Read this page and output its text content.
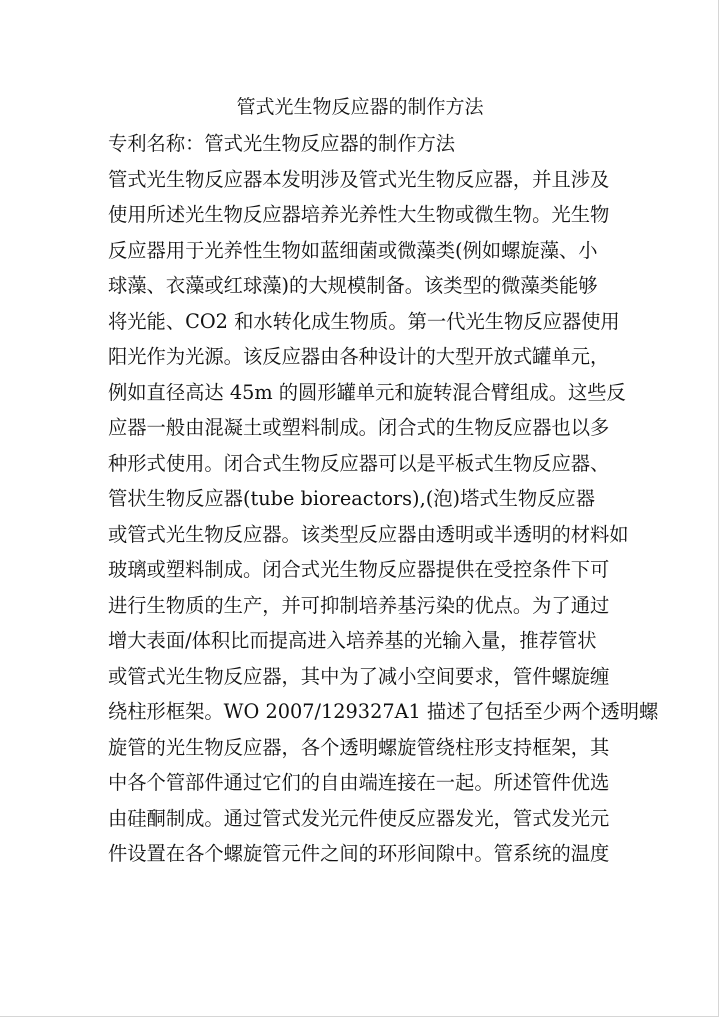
管式光生物反应器的制作方法
专利名称：管式光生物反应器的制作方法
管式光生物反应器本发明涉及管式光生物反应器，并且涉及
使用所述光生物反应器培养光养性大生物或微生物。光生物
反应器用于光养性生物如蓝细菌或微藻类(例如螺旋藻、小
球藻、衣藻或红球藻)的大规模制备。该类型的微藻类能够
将光能、CO2 和水转化成生物质。第一代光生物反应器使用
阳光作为光源。该反应器由各种设计的大型开放式罐单元，
例如直径高达 45m 的圆形罐单元和旋转混合臂组成。这些反
应器一般由混凝土或塑料制成。闭合式的生物反应器也以多
种形式使用。闭合式生物反应器可以是平板式生物反应器、
管状生物反应器(tube bioreactors),(泡)塔式生物反应器
或管式光生物反应器。该类型反应器由透明或半透明的材料如
玻璃或塑料制成。闭合式光生物反应器提供在受控条件下可
进行生物质的生产，并可抑制培养基污染的优点。为了通过
增大表面/体积比而提高进入培养基的光输入量，推荐管状
或管式光生物反应器，其中为了减小空间要求，管件螺旋缠
绕柱形框架。WO 2007/129327A1 描述了包括至少两个透明螺
旋管的光生物反应器，各个透明螺旋管绕柱形支持框架，其
中各个管部件通过它们的自由端连接在一起。所述管件优选
由硅酮制成。通过管式发光元件使反应器发光，管式发光元
件设置在各个螺旋管元件之间的环形间隙中。管系统的温度
